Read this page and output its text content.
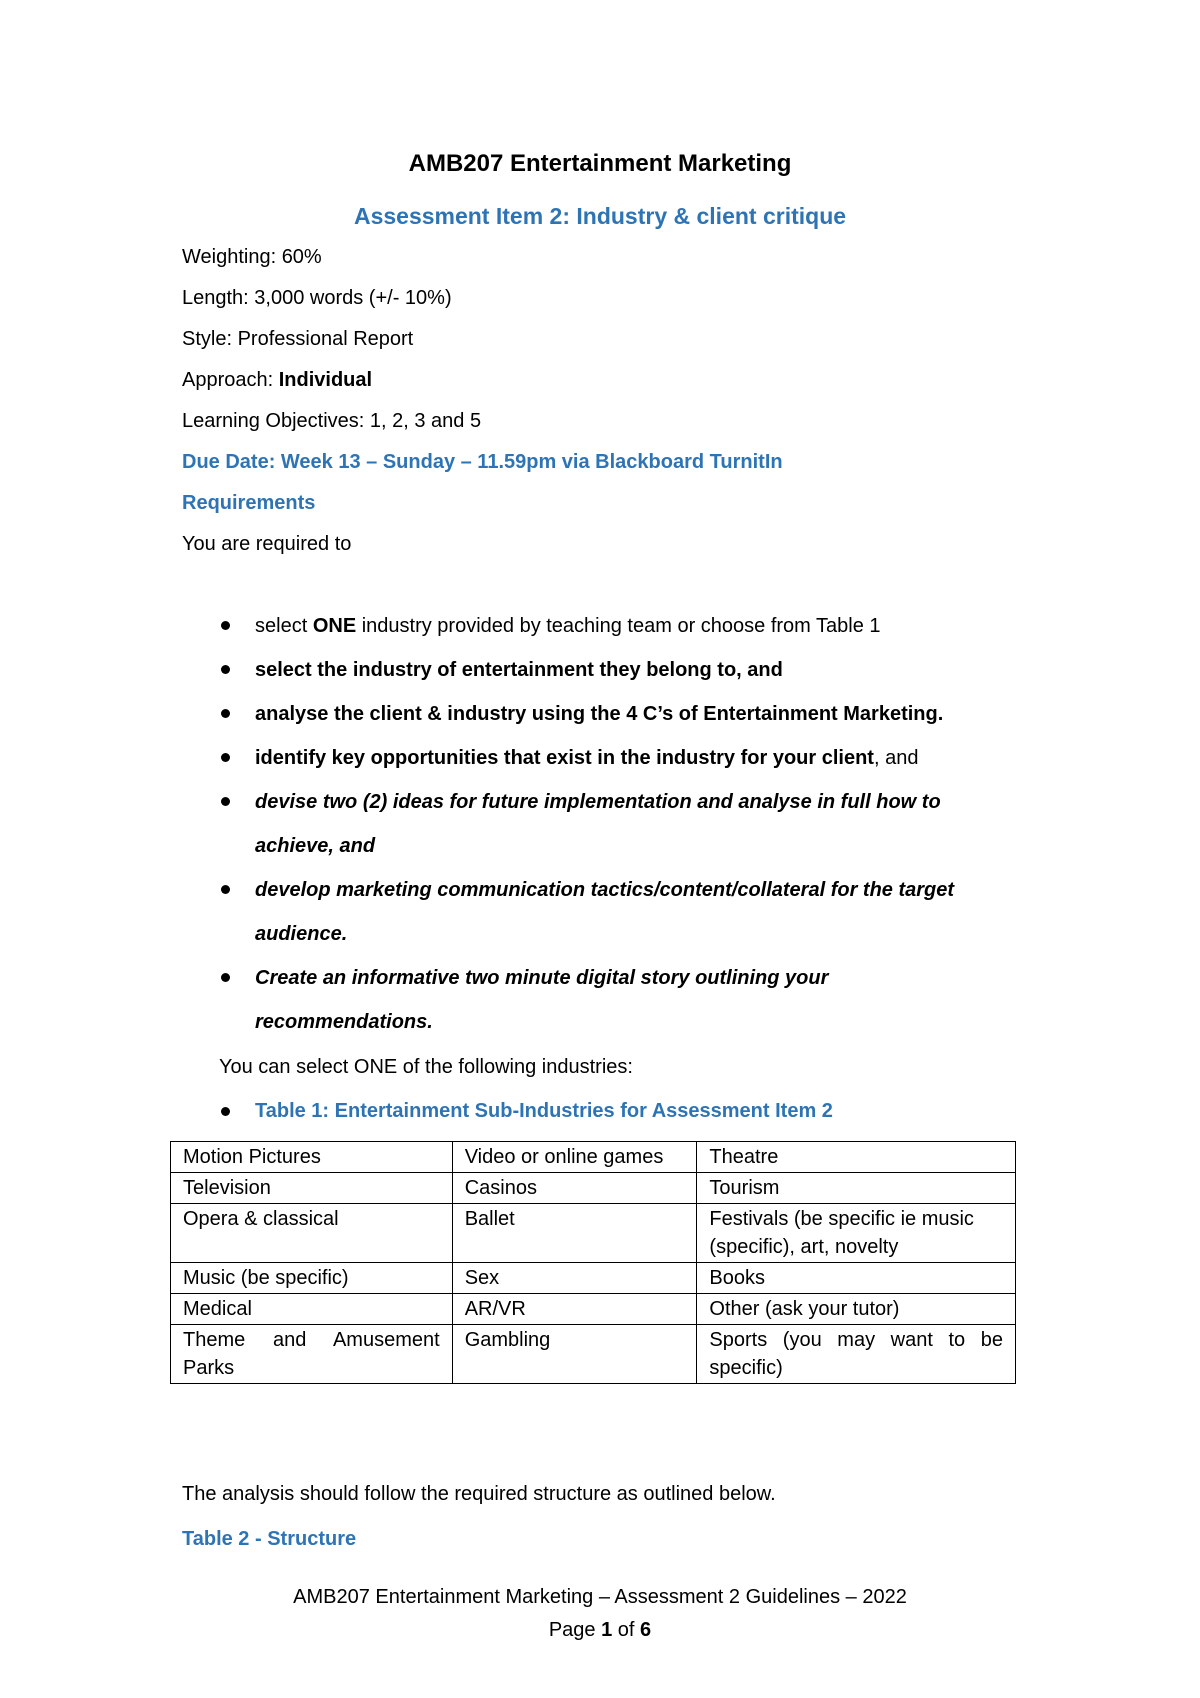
AMB207 Entertainment Marketing
Assessment Item 2: Industry & client critique

Weighting: 60%

Length: 3,000 words (+/- 10%)

Style: Professional Report

Approach: Individual

Learning Objectives: 1, 2, 3 and 5

Due Date: Week 13 – Sunday – 11.59pm via Blackboard TurnitIn

Requirements

You are required to

select ONE industry provided by teaching team or choose from Table 1
select the industry of entertainment they belong to, and
analyse the client & industry using the 4 C’s of Entertainment Marketing.
identify key opportunities that exist in the industry for your client, and
devise two (2) ideas for future implementation and analyse in full how to
achieve, and
develop marketing communication tactics/content/collateral for the target
audience.
Create an informative two minute digital story outlining your
recommendations.

You can select ONE of the following industries:

Table 1: Entertainment Sub-Industries for Assessment Item 2

Motion Pictures	Video or online games	Theatre
Television	Casinos	Tourism
Opera & classical	Ballet	Festivals (be specific ie music (specific), art, novelty
Music (be specific)	Sex	Books
Medical	AR/VR	Other (ask your tutor)
Theme and Amusement Parks	Gambling	Sports (you may want to be specific)

The analysis should follow the required structure as outlined below.

Table 2 - Structure

AMB207 Entertainment Marketing – Assessment 2 Guidelines – 2022

Page 1 of 6
